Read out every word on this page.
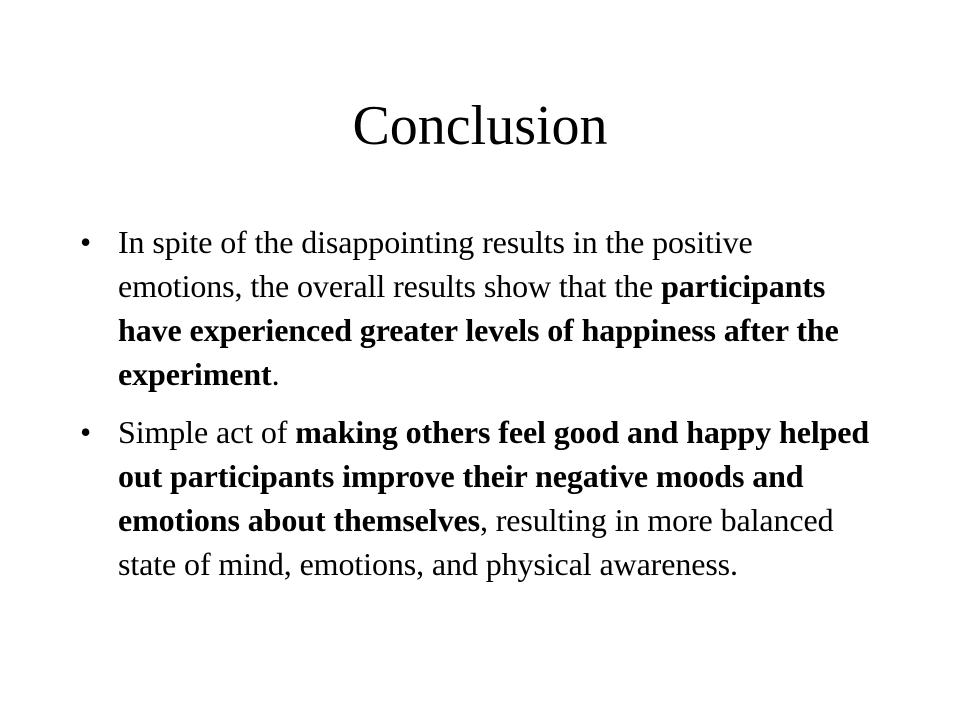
Conclusion
• In spite of the disappointing results in the positive emotions, the overall results show that the participants have experienced greater levels of happiness after the experiment.
• Simple act of making others feel good and happy helped out participants improve their negative moods and emotions about themselves, resulting in more balanced state of mind, emotions, and physical awareness.
